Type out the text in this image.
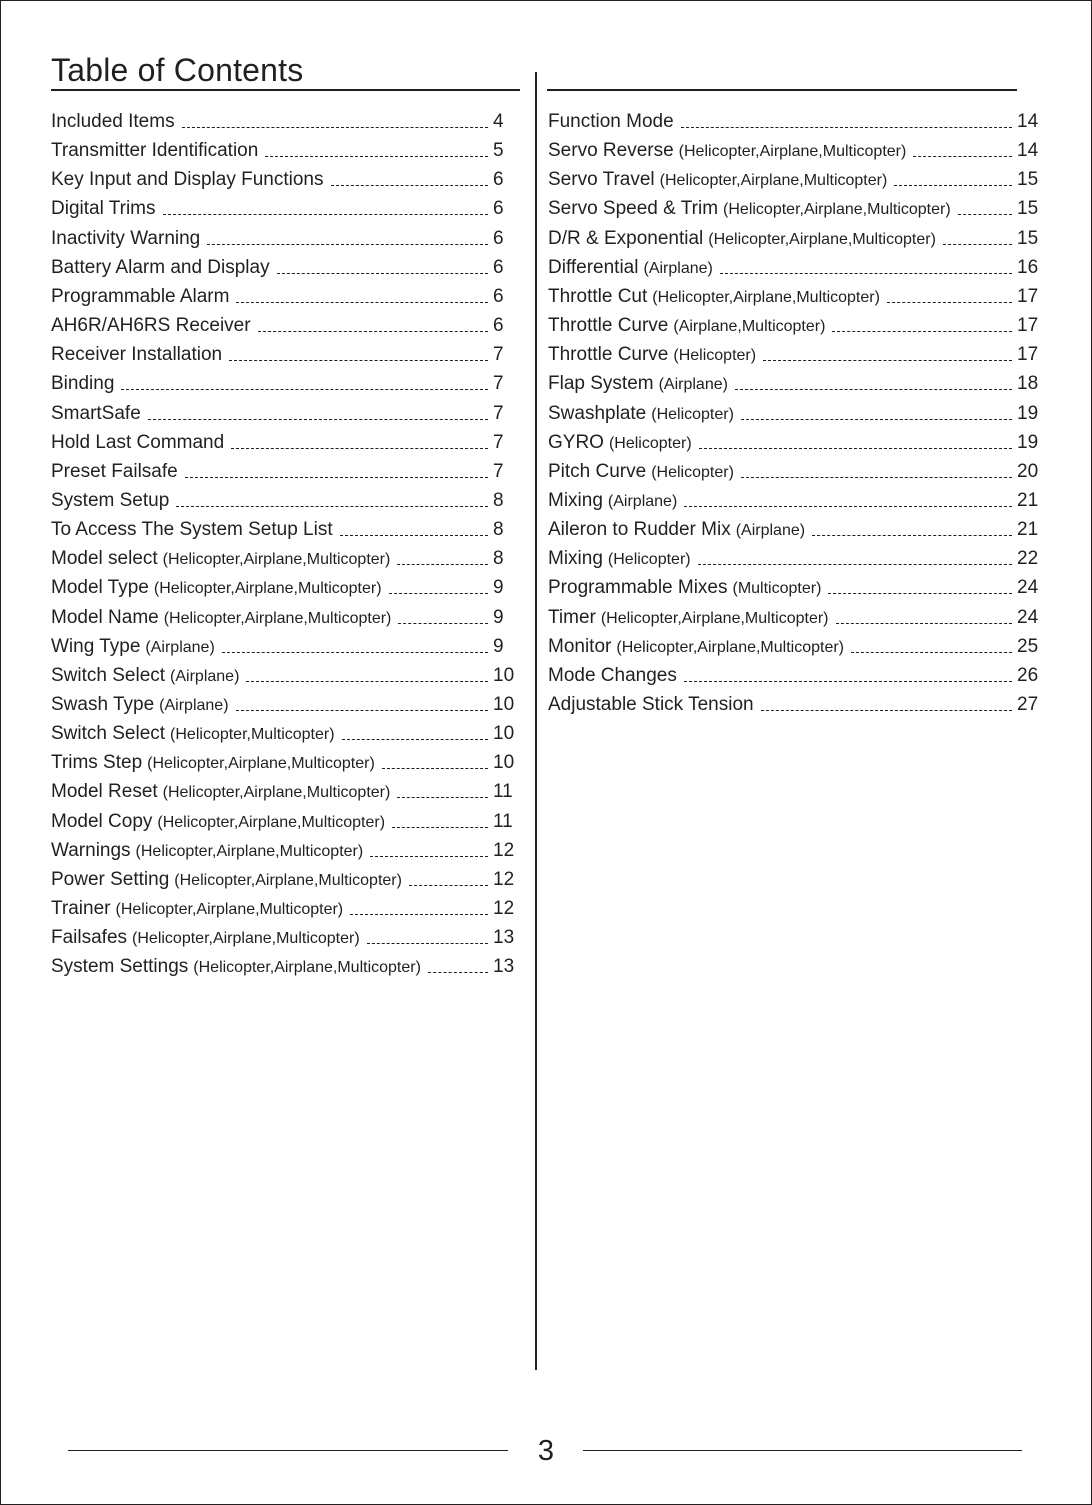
Table of Contents
Included Items	4
Transmitter Identification	5
Key Input and Display Functions	6
Digital Trims	6
Inactivity Warning	6
Battery Alarm and Display	6
Programmable Alarm	6
AH6R/AH6RS Receiver	6
Receiver Installation	7
Binding	7
SmartSafe	7
Hold Last Command	7
Preset Failsafe	7
System Setup	8
To Access The System Setup List	8
Model select (Helicopter,Airplane,Multicopter)	8
Model Type (Helicopter,Airplane,Multicopter)	9
Model Name (Helicopter,Airplane,Multicopter)	9
Wing Type (Airplane)	9
Switch Select (Airplane)	10
Swash Type (Airplane)	10
Switch Select (Helicopter,Multicopter)	10
Trims Step (Helicopter,Airplane,Multicopter)	10
Model Reset (Helicopter,Airplane,Multicopter)	11
Model Copy (Helicopter,Airplane,Multicopter)	11
Warnings (Helicopter,Airplane,Multicopter)	12
Power Setting (Helicopter,Airplane,Multicopter)	12
Trainer (Helicopter,Airplane,Multicopter)	12
Failsafes (Helicopter,Airplane,Multicopter)	13
System Settings (Helicopter,Airplane,Multicopter)	13
Function Mode	14
Servo Reverse (Helicopter,Airplane,Multicopter)	14
Servo Travel (Helicopter,Airplane,Multicopter)	15
Servo Speed & Trim (Helicopter,Airplane,Multicopter)	15
D/R & Exponential (Helicopter,Airplane,Multicopter)	15
Differential (Airplane)	16
Throttle Cut (Helicopter,Airplane,Multicopter)	17
Throttle Curve (Airplane,Multicopter)	17
Throttle Curve (Helicopter)	17
Flap System (Airplane)	18
Swashplate (Helicopter)	19
GYRO (Helicopter)	19
Pitch Curve (Helicopter)	20
Mixing (Airplane)	21
Aileron to Rudder Mix (Airplane)	21
Mixing (Helicopter)	22
Programmable Mixes (Multicopter)	24
Timer (Helicopter,Airplane,Multicopter)	24
Monitor (Helicopter,Airplane,Multicopter)	25
Mode Changes	26
Adjustable Stick Tension	27
3
